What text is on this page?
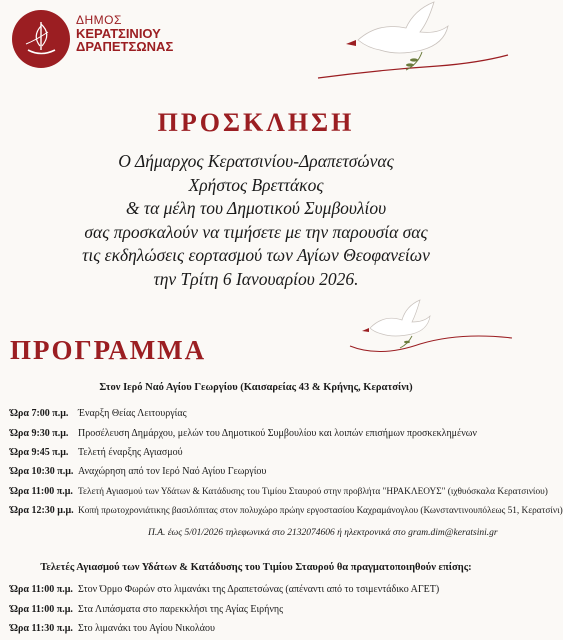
ΔΗΜΟΣ
ΚΕΡΑΤΣΙΝΙΟΥ
ΔΡΑΠΕΤΣΩΝΑΣ
ΠΡΟΣΚΛΗΣΗ
Ο Δήμαρχος Κερατσινίου-Δραπετσώνας
Χρήστος Βρεττάκος
& τα μέλη του Δημοτικού Συμβουλίου
σας προσκαλούν να τιμήσετε με την παρουσία σας
τις εκδηλώσεις εορτασμού των Αγίων Θεοφανείων
την Τρίτη 6 Ιανουαρίου 2026.
ΠΡΟΓΡΑΜΜΑ
Στον Ιερό Ναό Αγίου Γεωργίου (Καισαρείας 43 & Κρήνης, Κερατσίνι)
Ώρα 7:00 π.μ. Έναρξη Θείας Λειτουργίας
Ώρα 9:30 π.μ. Προσέλευση Δημάρχου, μελών του Δημοτικού Συμβουλίου και λοιπών επισήμων προσκεκλημένων
Ώρα 9:45 π.μ. Τελετή έναρξης Αγιασμού
Ώρα 10:30 π.μ. Αναχώρηση από τον Ιερό Ναό Αγίου Γεωργίου
Ώρα 11:00 π.μ. Τελετή Αγιασμού των Υδάτων & Κατάδυσης του Τιμίου Σταυρού στην προβλήτα "ΗΡΑΚΛΕΟΥΣ" (ιχθυόσκαλα Κερατσινίου)
Ώρα 12:30 μ.μ. Κοπή πρωτοχρονιάτικης βασιλόπιτας στον πολυχώρο πρώην εργοστασίου Καχραμάνογλου (Κωνσταντινουπόλεως 51, Κερατσίνι)
Π.Α. έως 5/01/2026 τηλεφωνικά στο 2132074606 ή ηλεκτρονικά στο gram.dim@keratsini.gr
Τελετές Αγιασμού των Υδάτων & Κατάδυσης του Τιμίου Σταυρού θα πραγματοποιηθούν επίσης:
Ώρα 11:00 π.μ. Στον Όρμο Φωρών στο λιμανάκι της Δραπετσώνας (απέναντι από το τσιμεντάδικο ΑΓΕΤ)
Ώρα 11:00 π.μ. Στα Λιπάσματα στο παρεκκλήσι της Αγίας Ειρήνης
Ώρα 11:30 π.μ. Στο λιμανάκι του Αγίου Νικολάου
